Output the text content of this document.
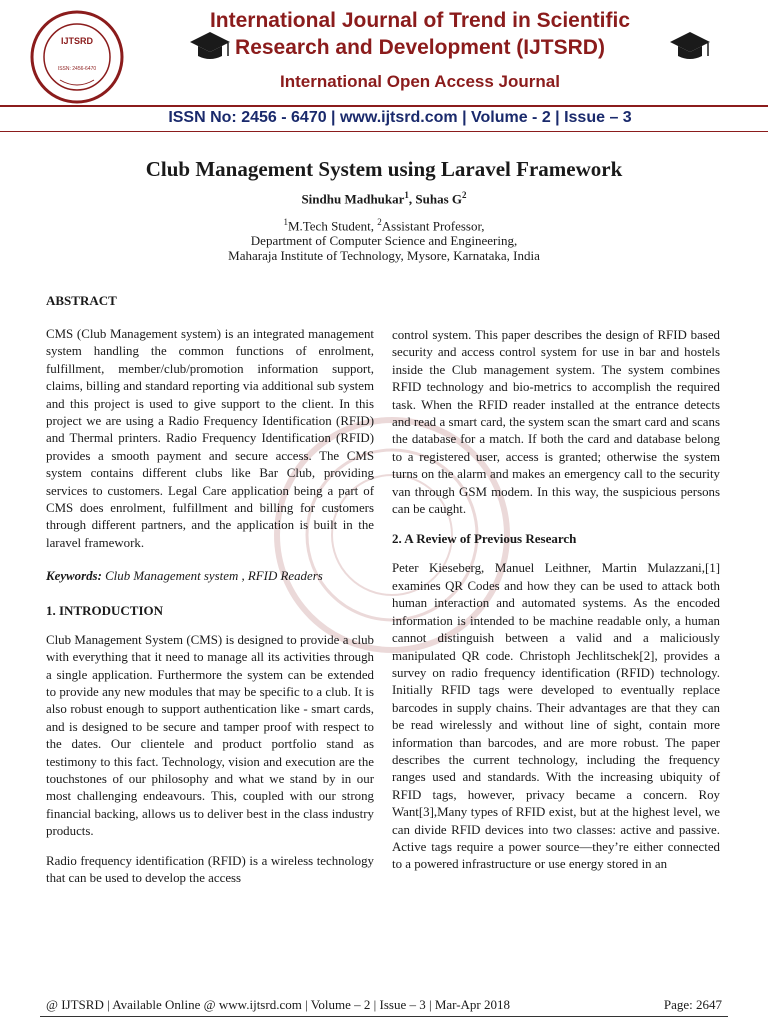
IJTSRD
ISSN: 2456-6470
International Journal of Trend in Scientific
Research and Development (IJTSRD)
International Open Access Journal
ISSN No: 2456 - 6470 | www.ijtsrd.com | Volume - 2 | Issue – 3
Club Management System using Laravel Framework
Sindhu Madhukar$^1$, Suhas $G^2$
$^1$M.Tech Student, $^2$Assistant Professor,
Department of Computer Science and Engineering,
Maharaja Institute of Technology, Mysore, Karnataka, India
ABSTRACT

CMS (Club Management system) is an integrated management system handling the common functions of enrolment, fulfillment, member/club/promotion information support, claims, billing and standard reporting via additional sub system and this project is used to give support to the client. In this project we are using a Radio Frequency Identification (RFID) and Thermal printers. Radio Frequency Identification (RFID) provides a smooth payment and secure access. The CMS system contains different clubs like Bar Club, providing services to customers. Legal Care application being a part of CMS does enrolment, fulfillment and billing for customers through different partners, and the application is built in the laravel framework.

Keywords: Club Management system , RFID Readers

1. INTRODUCTION

Club Management System (CMS) is designed to provide a club with everything that it need to manage all its activities through a single application. Furthermore the system can be extended to provide any new modules that may be specific to a club. It is also robust enough to support authentication like - smart cards, and is designed to be secure and tamper proof with respect to the dates. Our clientele and product portfolio stand as testimony to this fact. Technology, vision and execution are the touchstones of our philosophy and what we stand by in our most challenging endeavours. This, coupled with our strong financial backing, allows us to deliver best in the class industry products.

Radio frequency identification (RFID) is a wireless technology that can be used to develop the access

control system. This paper describes the design of RFID based security and access control system for use in bar and hostels inside the Club management system. The system combines RFID technology and bio-metrics to accomplish the required task. When the RFID reader installed at the entrance detects and read a smart card, the system scan the smart card and scans the database for a match. If both the card and database belong to a registered user, access is granted; otherwise the system turns on the alarm and makes an emergency call to the security van through GSM modem. In this way, the suspicious persons can be caught.

2. A Review of Previous Research

Peter Kieseberg, Manuel Leithner, Martin Mulazzani,[1] examines QR Codes and how they can be used to attack both human interaction and automated systems. As the encoded information is intended to be machine readable only, a human cannot distinguish between a valid and a maliciously manipulated QR code. Christoph Jechlitschek[2], provides a survey on radio frequency identification (RFID) technology. Initially RFID tags were developed to eventually replace barcodes in supply chains. Their advantages are that they can be read wirelessly and without line of sight, contain more information than barcodes, and are more robust. The paper describes the current technology, including the frequency ranges used and standards. With the increasing ubiquity of RFID tags, however, privacy became a concern. Roy Want[3],Many types of RFID exist, but at the highest level, we can divide RFID devices into two classes: active and passive. Active tags require a power source—they’re either connected to a powered infrastructure or use energy stored in an

@ IJTSRD | Available Online @ www.ijtsrd.com | Volume – 2 | Issue – 3 | Mar-Apr 2018	Page: 2647
